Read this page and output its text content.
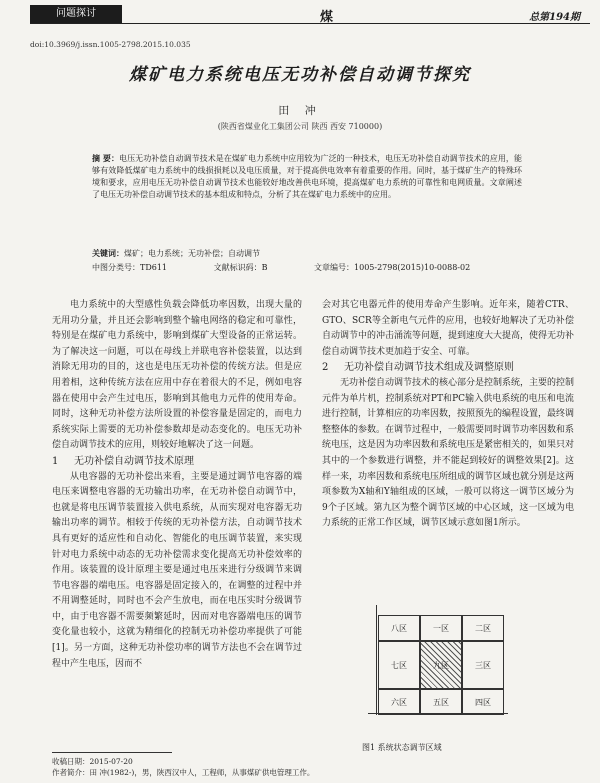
问题探讨	煤	总第194期
doi:10.3969/j.issn.1005-2798.2015.10.035
煤矿电力系统电压无功补偿自动调节探究
田 冲
(陕西省煤业化工集团公司 陕西 西安 710000)
摘 要：电压无功补偿自动调节技术是在煤矿电力系统中应用较为广泛的一种技术，电压无功补偿自动调节技术的应用，能够有效降低煤矿电力系统中的线损损耗以及电压质量，对于提高供电效率有着重要的作用。同时，基于煤矿生产的特殊环境和要求，应用电压无功补偿自动调节技术也能较好地改善供电环境，提高煤矿电力系统的可靠性和电网质量。文章阐述了电压无功补偿自动调节技术的基本组成和特点，分析了其在煤矿电力系统中的应用。
关键词：煤矿；电力系统；无功补偿；自动调节
中图分类号：TD611	文献标识码：B	文章编号：1005-2798(2015)10-0088-02

电力系统中的大型感性负载会降低功率因数，出现大量的无用功分量，并且还会影响到整个输电网络的稳定和可靠性，特别是在煤矿电力系统中，影响到煤矿大型设备的正常运转。为了解决这一问题，可以在母线上并联电容补偿装置，以达到消除无用功的目的，这也是电压无功补偿的传统方法。但是应用着相，这种传统方法在应用中存在着很大的不足，例如电容器在使用中会产生过电压，影响到其他电力元件的使用寿命。同时，这种无功补偿方法所设置的补偿容量是固定的，而电力系统实际上需要的无功补偿参数却是动态变化的。电压无功补偿自动调节技术的应用，则较好地解决了这一问题。

1 无功补偿自动调节技术原理

从电容器的无功补偿出来看，主要是通过调节电容器的端电压来调整电容器的无功输出功率，在无功补偿自动调节中，也就是将电压调节装置接入供电系统，从而实现对电容器无功输出功率的调节。相较于传统的无功补偿方法，自动调节技术具有更好的适应性和自动化、智能化的电压调节装置，来实现针对电力系统中动态的无功补偿需求变化提高无功补偿效率的作用。该装置的设计原理主要是通过电压来进行分级调节来调节电容器的端电压。电容器是固定接入的，在调整的过程中并不用调整延时，同时也不会产生放电，而在电压实时分级调节中，由于电容器不需要频繁延时，因而对电容器端电压的调节变化量也较小，这就为精细化的控制无功补偿功率提供了可能[1]。另一方面，这种无功补偿功率的调节方法也不会在调节过程中产生电压，因而不

会对其它电器元件的使用寿命产生影响。近年来，随着CTR、GTO、SCR等全新电气元件的应用，也较好地解决了无功补偿自动调节中的冲击涌流等问题，提到速度大大提高，使得无功补偿自动调节技术更加趋于安全、可靠。

2 无功补偿自动调节技术组成及调整原则

无功补偿自动调节技术的核心部分是控制系统，主要的控制元件为单片机，控制系统对PT和PC输入供电系统的电压和电流进行控制，计算相应的功率因数，按照预先的编程设置，最终调整整体的参数。在调节过程中，一般需要同时调节功率因数和系统电压，这是因为功率因数和系统电压是紧密相关的，如果只对其中的一个参数进行调整，并不能起到较好的调整效果[2]。这样一来，功率因数和系统电压所组成的调节区域也就分别是这两项参数为X轴和Y轴组成的区域，一般可以将这一调节区域分为9个子区域。第九区为整个调节区域的中心区域，这一区域为电力系统的正常工作区域，调节区域示意如图1所示。

八区	一区	二区
七区	九区	三区
六区	五区	四区
图1 系统状态调节区域
收稿日期：2015-07-20
作者简介：田 冲(1982-)，男，陕西汉中人，工程师，从事煤矿供电管理工作。
